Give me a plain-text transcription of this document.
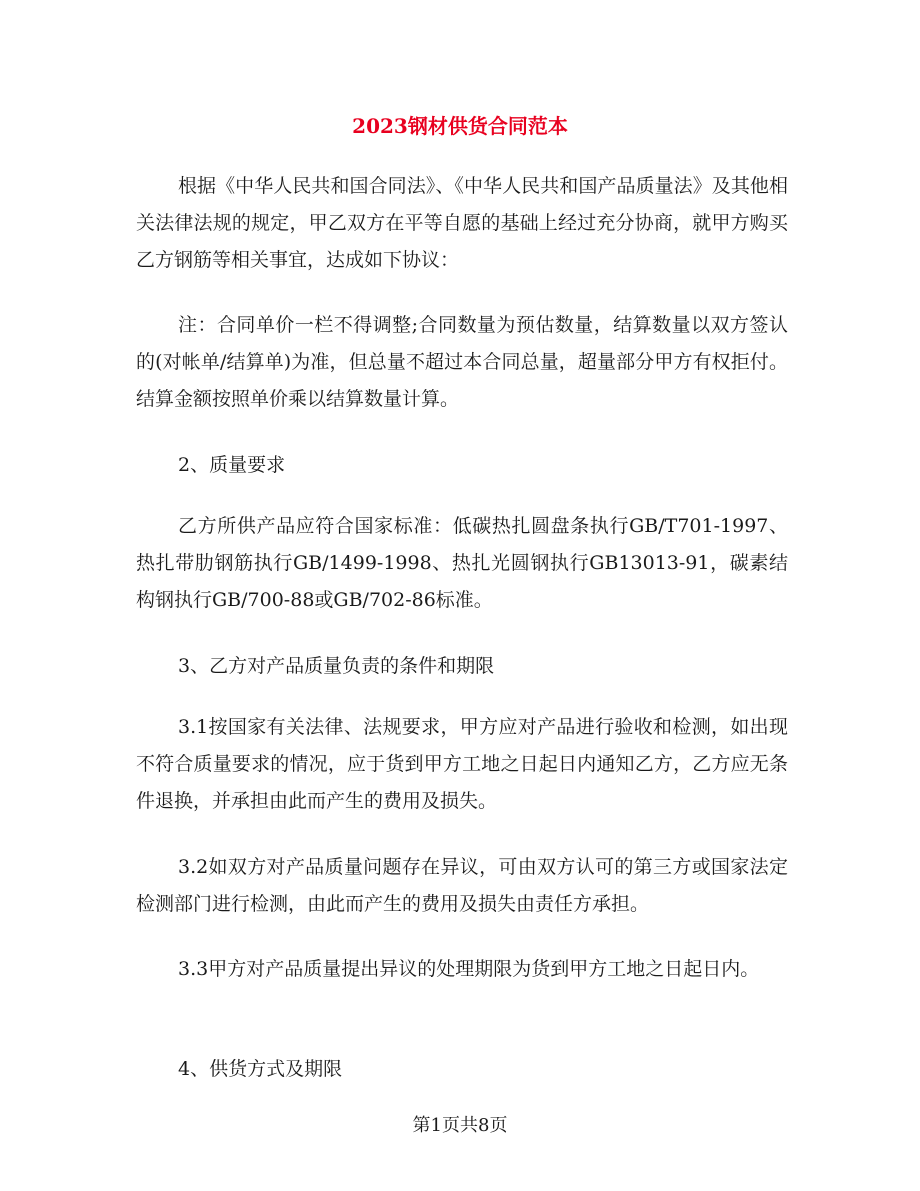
2023钢材供货合同范本
根据《中华人民共和国合同法》、《中华人民共和国产品质量法》及其他相关法律法规的规定，甲乙双方在平等自愿的基础上经过充分协商，就甲方购买乙方钢筋等相关事宜，达成如下协议：
注：合同单价一栏不得调整;合同数量为预估数量，结算数量以双方签认的(对帐单/结算单)为准，但总量不超过本合同总量，超量部分甲方有权拒付。结算金额按照单价乘以结算数量计算。
2、质量要求
乙方所供产品应符合国家标准：低碳热扎圆盘条执行GB/T701-1997、热扎带肋钢筋执行GB/1499-1998、热扎光圆钢执行GB13013-91，碳素结构钢执行GB/700-88或GB/702-86标准。
3、乙方对产品质量负责的条件和期限
3.1按国家有关法律、法规要求，甲方应对产品进行验收和检测，如出现不符合质量要求的情况，应于货到甲方工地之日起日内通知乙方，乙方应无条件退换，并承担由此而产生的费用及损失。
3.2如双方对产品质量问题存在异议，可由双方认可的第三方或国家法定检测部门进行检测，由此而产生的费用及损失由责任方承担。
3.3甲方对产品质量提出异议的处理期限为货到甲方工地之日起日内。
4、供货方式及期限
第1页共8页
